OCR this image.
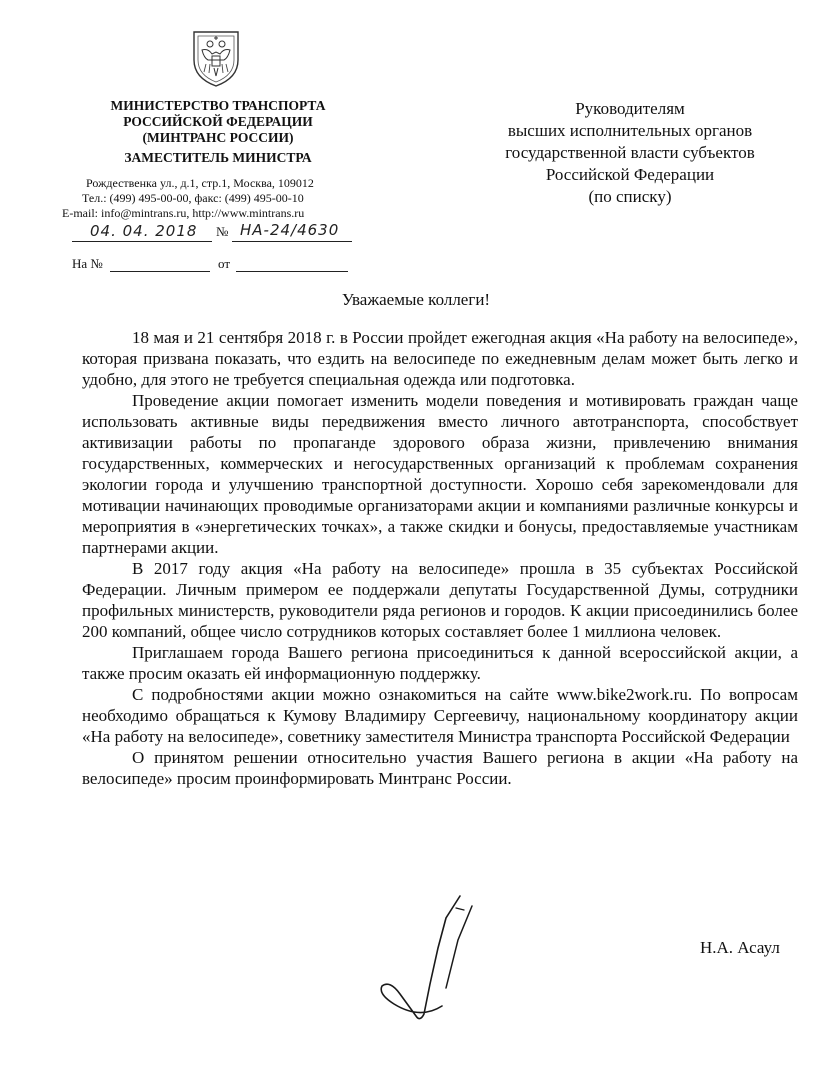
МИНИСТЕРСТВО ТРАНСПОРТА
РОССИЙСКОЙ ФЕДЕРАЦИИ
(МИНТРАНС РОССИИ)
ЗАМЕСТИТЕЛЬ МИНИСТРА
Рождественка ул., д.1, стр.1, Москва, 109012
Тел.: (499) 495-00-00, факс: (499) 495-00-10
E-mail: info@mintrans.ru, http://www.mintrans.ru
04. 04. 2018 № НА-24/4630
На №	от
Руководителям
высших исполнительных органов
государственной власти субъектов
Российской Федерации
(по списку)
Уважаемые коллеги!

18 мая и 21 сентября 2018 г. в России пройдет ежегодная акция «На работу на велосипеде», которая призвана показать, что ездить на велосипеде по ежедневным делам может быть легко и удобно, для этого не требуется специальная одежда или подготовка.

Проведение акции помогает изменить модели поведения и мотивировать граждан чаще использовать активные виды передвижения вместо личного автотранспорта, способствует активизации работы по пропаганде здорового образа жизни, привлечению внимания государственных, коммерческих и негосударственных организаций к проблемам сохранения экологии города и улучшению транспортной доступности. Хорошо себя зарекомендовали для мотивации начинающих проводимые организаторами акции и компаниями различные конкурсы и мероприятия в «энергетических точках», а также скидки и бонусы, предоставляемые участникам партнерами акции.

В 2017 году акция «На работу на велосипеде» прошла в 35 субъектах Российской Федерации. Личным примером ее поддержали депутаты Государственной Думы, сотрудники профильных министерств, руководители ряда регионов и городов. К акции присоединились более 200 компаний, общее число сотрудников которых составляет более 1 миллиона человек.

Приглашаем города Вашего региона присоединиться к данной всероссийской акции, а также просим оказать ей информационную поддержку.

С подробностями акции можно ознакомиться на сайте www.bike2work.ru. По вопросам необходимо обращаться к Кумову Владимиру Сергеевичу, национальному координатору акции «На работу на велосипеде», советнику заместителя Министра транспорта Российской Федерации

О принятом решении относительно участия Вашего региона в акции «На работу на велосипеде» просим проинформировать Минтранс России.

Н.А. Асаул
